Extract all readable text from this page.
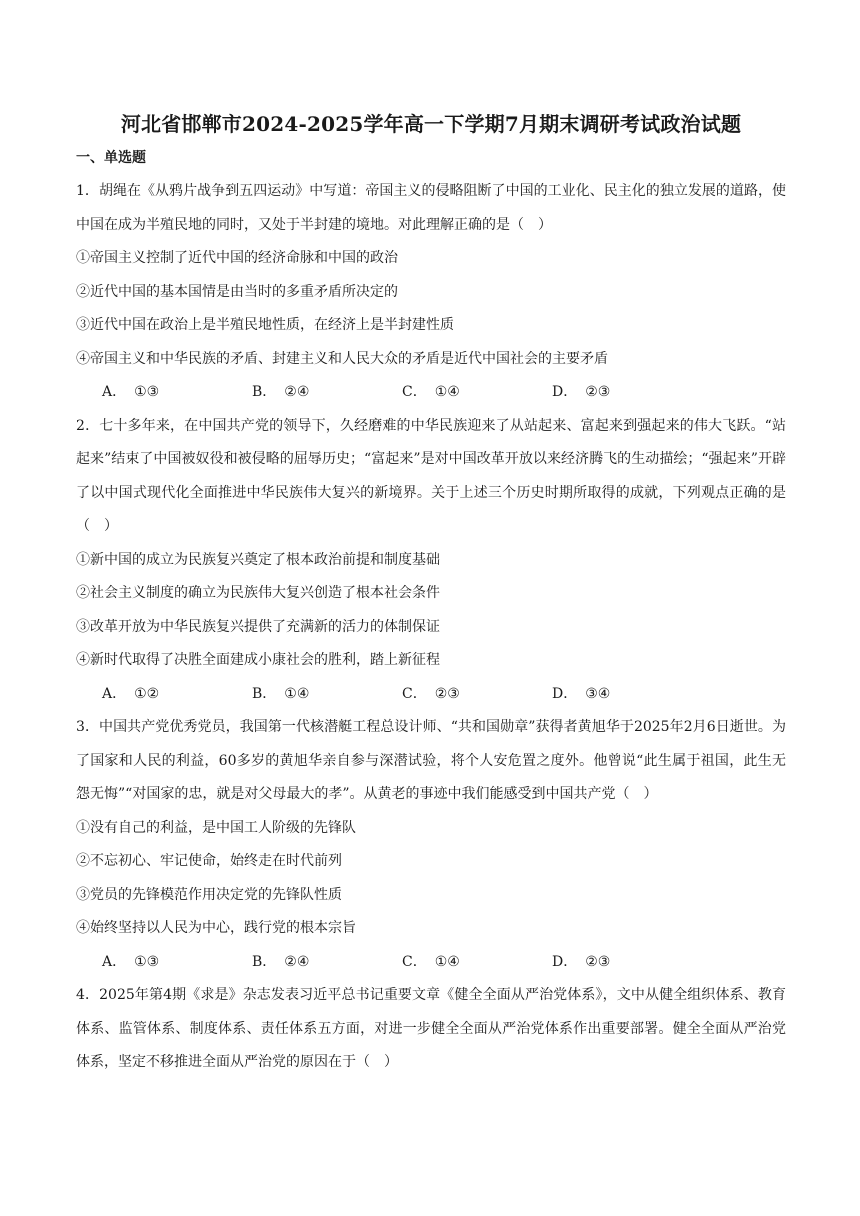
河北省邯郸市2024-2025学年高一下学期7月期末调研考试政治试题
一、单选题

1．胡绳在《从鸦片战争到五四运动》中写道：帝国主义的侵略阻断了中国的工业化、民主化的独立发展的道路，使中国在成为半殖民地的同时，又处于半封建的境地。对此理解正确的是（　）

①帝国主义控制了近代中国的经济命脉和中国的政治

②近代中国的基本国情是由当时的多重矛盾所决定的

③近代中国在政治上是半殖民地性质，在经济上是半封建性质

④帝国主义和中华民族的矛盾、封建主义和人民大众的矛盾是近代中国社会的主要矛盾

A． ①③	B． ②④	C． ①④	D． ②③

2．七十多年来，在中国共产党的领导下，久经磨难的中华民族迎来了从站起来、富起来到强起来的伟大飞跃。“站起来”结束了中国被奴役和被侵略的屈辱历史；“富起来”是对中国改革开放以来经济腾飞的生动描绘；“强起来”开辟了以中国式现代化全面推进中华民族伟大复兴的新境界。关于上述三个历史时期所取得的成就，下列观点正确的是（　）

①新中国的成立为民族复兴奠定了根本政治前提和制度基础

②社会主义制度的确立为民族伟大复兴创造了根本社会条件

③改革开放为中华民族复兴提供了充满新的活力的体制保证

④新时代取得了决胜全面建成小康社会的胜利，踏上新征程

A． ①②	B． ①④	C． ②③	D． ③④

3．中国共产党优秀党员，我国第一代核潜艇工程总设计师、“共和国勋章”获得者黄旭华于2025年2月6日逝世。为了国家和人民的利益，60多岁的黄旭华亲自参与深潜试验，将个人安危置之度外。他曾说“此生属于祖国，此生无怨无悔”“对国家的忠，就是对父母最大的孝”。从黄老的事迹中我们能感受到中国共产党（　）

①没有自己的利益，是中国工人阶级的先锋队

②不忘初心、牢记使命，始终走在时代前列

③党员的先锋模范作用决定党的先锋队性质

④始终坚持以人民为中心，践行党的根本宗旨

A． ①③	B． ②④	C． ①④	D． ②③

4．2025年第4期《求是》杂志发表习近平总书记重要文章《健全全面从严治党体系》，文中从健全组织体系、教育体系、监管体系、制度体系、责任体系五方面，对进一步健全全面从严治党体系作出重要部署。健全全面从严治党体系，坚定不移推进全面从严治党的原因在于（　）
